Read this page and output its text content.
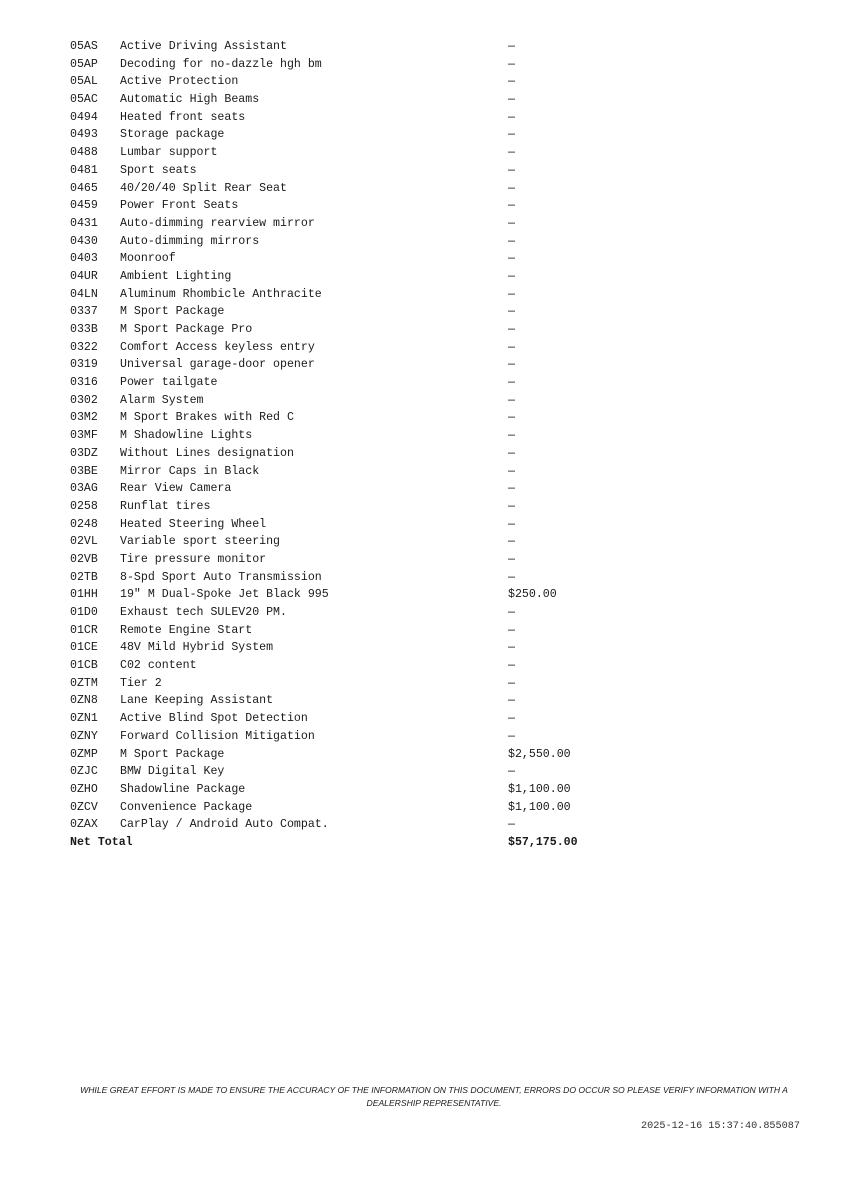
05AS	Active Driving Assistant	—
05AP	Decoding for no-dazzle hgh bm	—
05AL	Active Protection	—
05AC	Automatic High Beams	—
0494	Heated front seats	—
0493	Storage package	—
0488	Lumbar support	—
0481	Sport seats	—
0465	40/20/40 Split Rear Seat	—
0459	Power Front Seats	—
0431	Auto-dimming rearview mirror	—
0430	Auto-dimming mirrors	—
0403	Moonroof	—
04UR	Ambient Lighting	—
04LN	Aluminum Rhombicle Anthracite	—
0337	M Sport Package	—
033B	M Sport Package Pro	—
0322	Comfort Access keyless entry	—
0319	Universal garage-door opener	—
0316	Power tailgate	—
0302	Alarm System	—
03M2	M Sport Brakes with Red C	—
03MF	M Shadowline Lights	—
03DZ	Without Lines designation	—
03BE	Mirror Caps in Black	—
03AG	Rear View Camera	—
0258	Runflat tires	—
0248	Heated Steering Wheel	—
02VL	Variable sport steering	—
02VB	Tire pressure monitor	—
02TB	8-Spd Sport Auto Transmission	—
01HH	19" M Dual-Spoke Jet Black 995	$250.00
01D0	Exhaust tech SULEV20 PM.	—
01CR	Remote Engine Start	—
01CE	48V Mild Hybrid System	—
01CB	C02 content	—
0ZTM	Tier 2	—
0ZN8	Lane Keeping Assistant	—
0ZN1	Active Blind Spot Detection	—
0ZNY	Forward Collision Mitigation	—
0ZMP	M Sport Package	$2,550.00
0ZJC	BMW Digital Key	—
0ZHO	Shadowline Package	$1,100.00
0ZCV	Convenience Package	$1,100.00
0ZAX	CarPlay / Android Auto Compat.	—
Net Total		$57,175.00
WHILE GREAT EFFORT IS MADE TO ENSURE THE ACCURACY OF THE INFORMATION ON THIS DOCUMENT, ERRORS DO OCCUR SO PLEASE VERIFY INFORMATION WITH A DEALERSHIP REPRESENTATIVE.
2025-12-16 15:37:40.855087
